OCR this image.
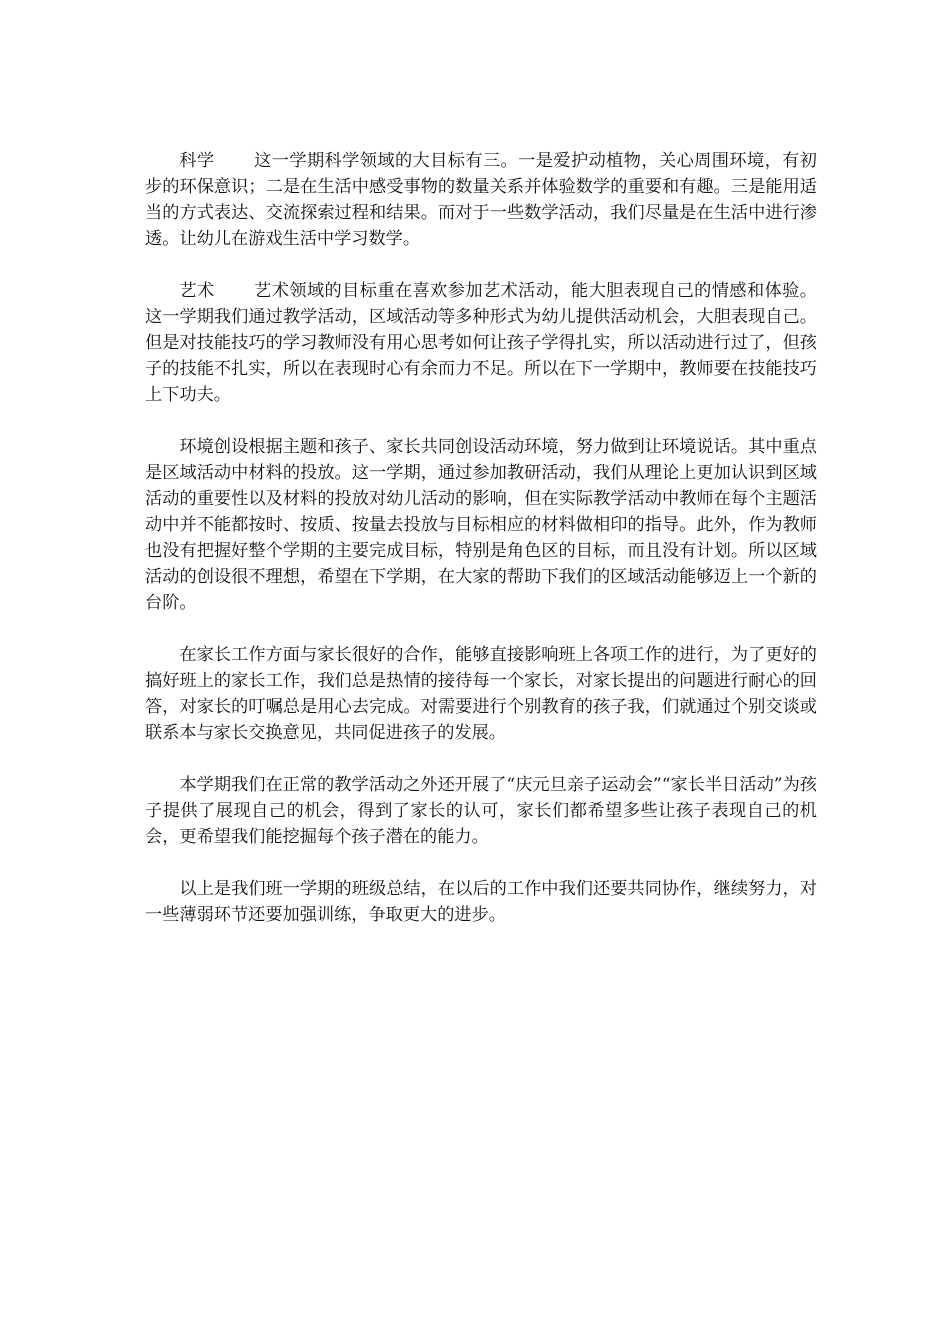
科学 这一学期科学领域的大目标有三。一是爱护动植物，关心周围环境，有初步的环保意识；二是在生活中感受事物的数量关系并体验数学的重要和有趣。三是能用适当的方式表达、交流探索过程和结果。而对于一些数学活动，我们尽量是在生活中进行渗透。让幼儿在游戏生活中学习数学。

艺术 艺术领域的目标重在喜欢参加艺术活动，能大胆表现自己的情感和体验。这一学期我们通过教学活动，区域活动等多种形式为幼儿提供活动机会，大胆表现自己。但是对技能技巧的学习教师没有用心思考如何让孩子学得扎实，所以活动进行过了，但孩子的技能不扎实，所以在表现时心有余而力不足。所以在下一学期中，教师要在技能技巧上下功夫。

环境创设根据主题和孩子、家长共同创设活动环境，努力做到让环境说话。其中重点是区域活动中材料的投放。这一学期，通过参加教研活动，我们从理论上更加认识到区域活动的重要性以及材料的投放对幼儿活动的影响，但在实际教学活动中教师在每个主题活动中并不能都按时、按质、按量去投放与目标相应的材料做相印的指导。此外，作为教师也没有把握好整个学期的主要完成目标，特别是角色区的目标，而且没有计划。所以区域活动的创设很不理想，希望在下学期，在大家的帮助下我们的区域活动能够迈上一个新的台阶。

在家长工作方面与家长很好的合作，能够直接影响班上各项工作的进行，为了更好的搞好班上的家长工作，我们总是热情的接待每一个家长，对家长提出的问题进行耐心的回答，对家长的叮嘱总是用心去完成。对需要进行个别教育的孩子我，们就通过个别交谈或联系本与家长交换意见，共同促进孩子的发展。

本学期我们在正常的教学活动之外还开展了“庆元旦亲子运动会”“家长半日活动”为孩子提供了展现自己的机会，得到了家长的认可，家长们都希望多些让孩子表现自己的机会，更希望我们能挖掘每个孩子潜在的能力。

以上是我们班一学期的班级总结，在以后的工作中我们还要共同协作，继续努力，对一些薄弱环节还要加强训练，争取更大的进步。
